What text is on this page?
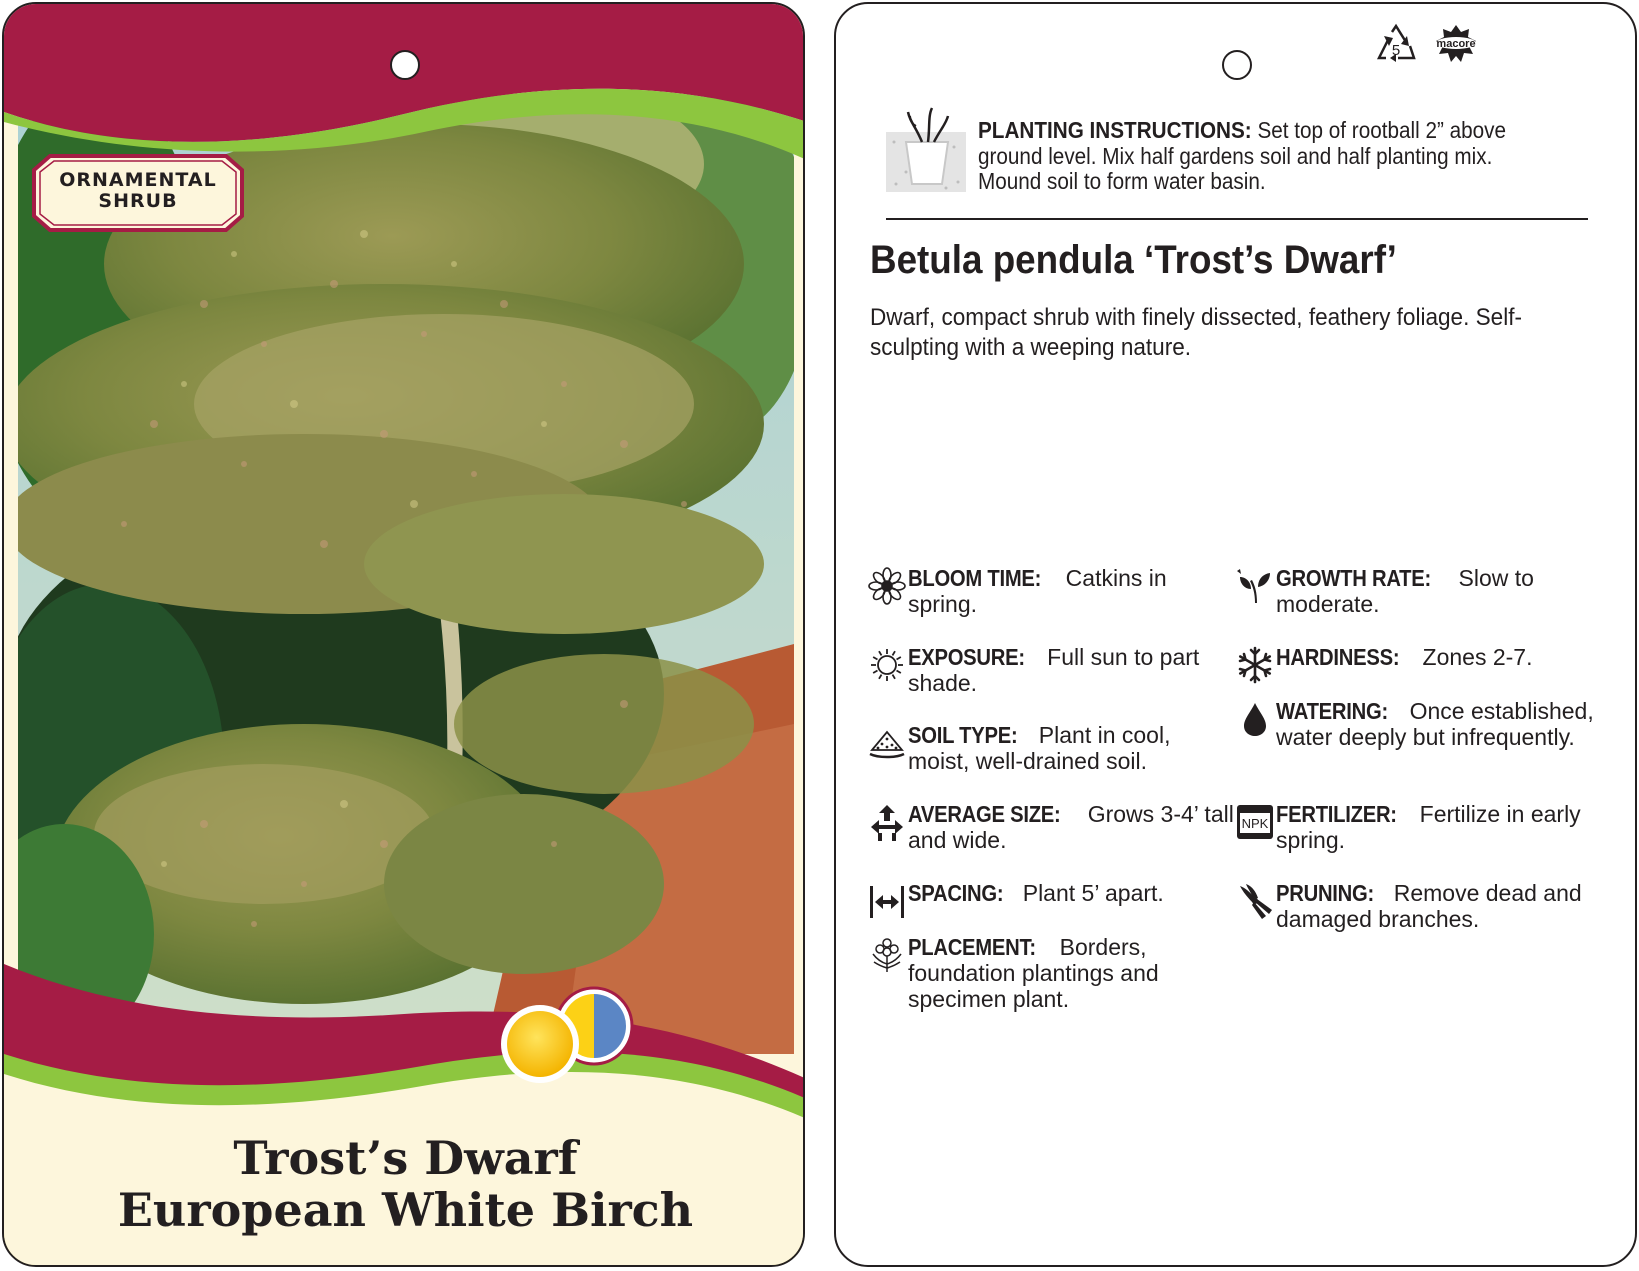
ORNAMENTAL
SHRUB
Trost’s Dwarf
European White Birch
5	macore
PLANTING INSTRUCTIONS: Set top of rootball 2” above ground level. Mix half gardens soil and half planting mix. Mound soil to form water basin.
Betula pendula ‘Trost’s Dwarf’
Dwarf, compact shrub with finely dissected, feathery foliage. Self-sculpting with a weeping nature.
BLOOM TIME: Catkins in spring.
EXPOSURE: Full sun to part shade.
SOIL TYPE: Plant in cool, moist, well-drained soil.
AVERAGE SIZE: Grows 3-4’ tall and wide.
SPACING: Plant 5’ apart.
PLACEMENT: Borders, foundation plantings and specimen plant.
GROWTH RATE: Slow to moderate.
HARDINESS: Zones 2-7.
WATERING: Once established, water deeply but infrequently.
NPK FERTILIZER: Fertilize in early spring.
PRUNING: Remove dead and damaged branches.
